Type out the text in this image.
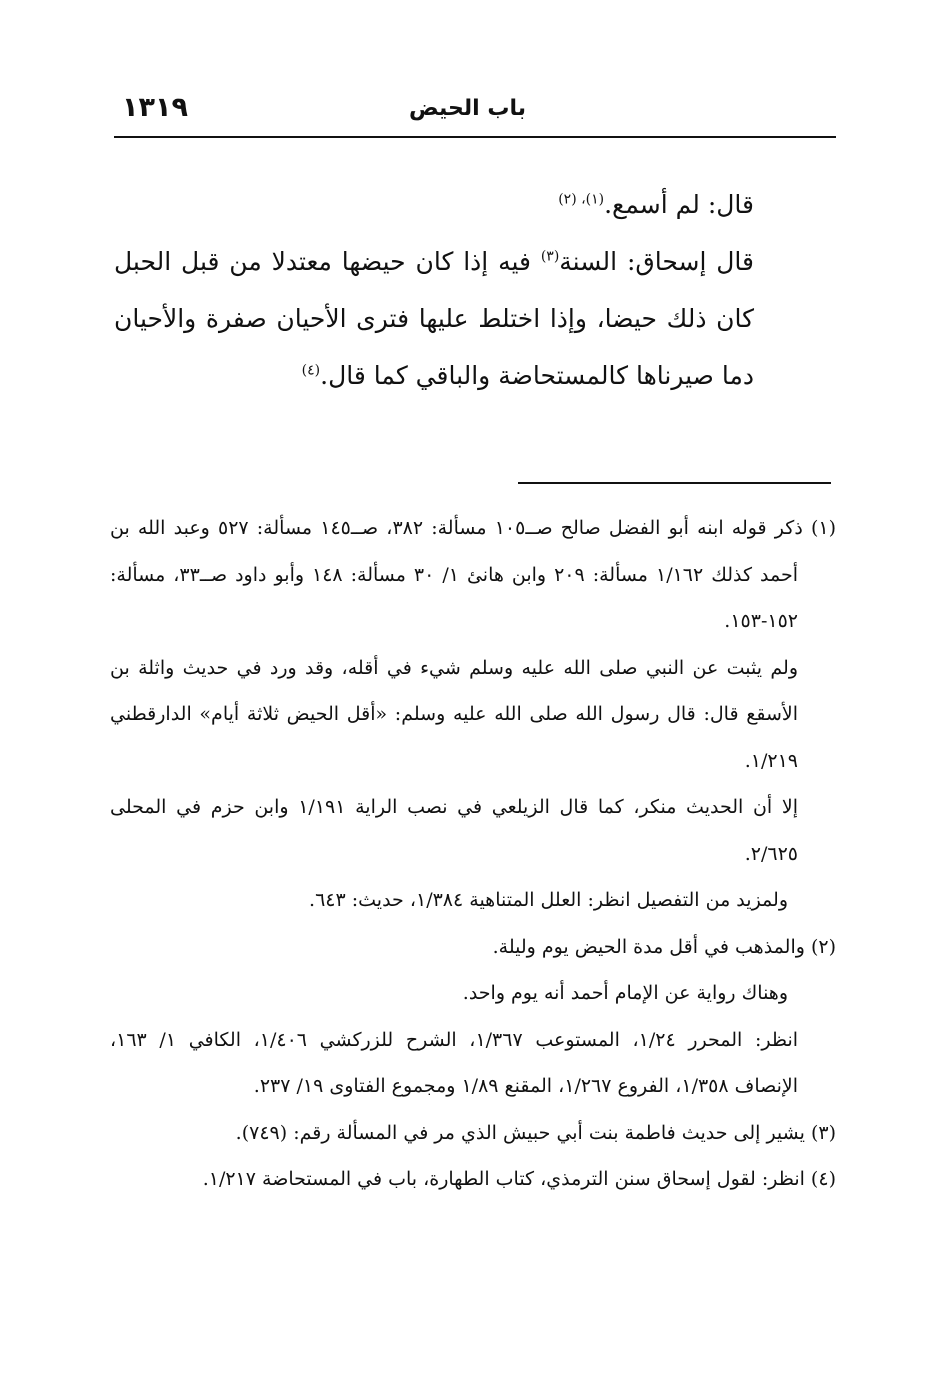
١٣١٩	باب الحيض

قال: لم أسمع.$^{(١)، (٢)}$

قال إسحاق: السنة$^{(٣)}$ فيه إذا كان حيضها معتدلا من قبل الحبل كان ذلك حيضا، وإذا اختلط عليها فترى الأحيان صفرة والأحيان دما صيرناها كالمستحاضة والباقي كما قال.$^{(٤)}$

(١) ذكر قوله ابنه أبو الفضل صالح صــ١٠٥ مسألة: ٣٨٢، صــ١٤٥ مسألة: ٥٢٧ وعبد الله بن أحمد كذلك ١/١٦٢ مسألة: ٢٠٩ وابن هانئ ١/ ٣٠ مسألة: ١٤٨ وأبو داود صــ٣٣، مسألة: ١٥٢-١٥٣.

ولم يثبت عن النبي صلى الله عليه وسلم شيء في أقله، وقد ورد في حديث واثلة بن الأسقع قال: قال رسول الله صلى الله عليه وسلم: «أقل الحيض ثلاثة أيام» الدارقطني ١/٢١٩.

إلا أن الحديث منكر، كما قال الزيلعي في نصب الراية ١/١٩١ وابن حزم في المحلى ٢/٦٢٥.

ولمزيد من التفصيل انظر: العلل المتناهية ١/٣٨٤، حديث: ٦٤٣.

(٢) والمذهب في أقل مدة الحيض يوم وليلة.

وهناك رواية عن الإمام أحمد أنه يوم واحد.

انظر: المحرر ١/٢٤، المستوعب ١/٣٦٧، الشرح للزركشي ١/٤٠٦، الكافي ١/ ١٦٣، الإنصاف ١/٣٥٨، الفروع ١/٢٦٧، المقنع ١/٨٩ ومجموع الفتاوى ١٩/ ٢٣٧.

(٣) يشير إلى حديث فاطمة بنت أبي حبيش الذي مر في المسألة رقم: (٧٤٩).

(٤) انظر: لقول إسحاق سنن الترمذي، كتاب الطهارة، باب في المستحاضة ١/٢١٧.
